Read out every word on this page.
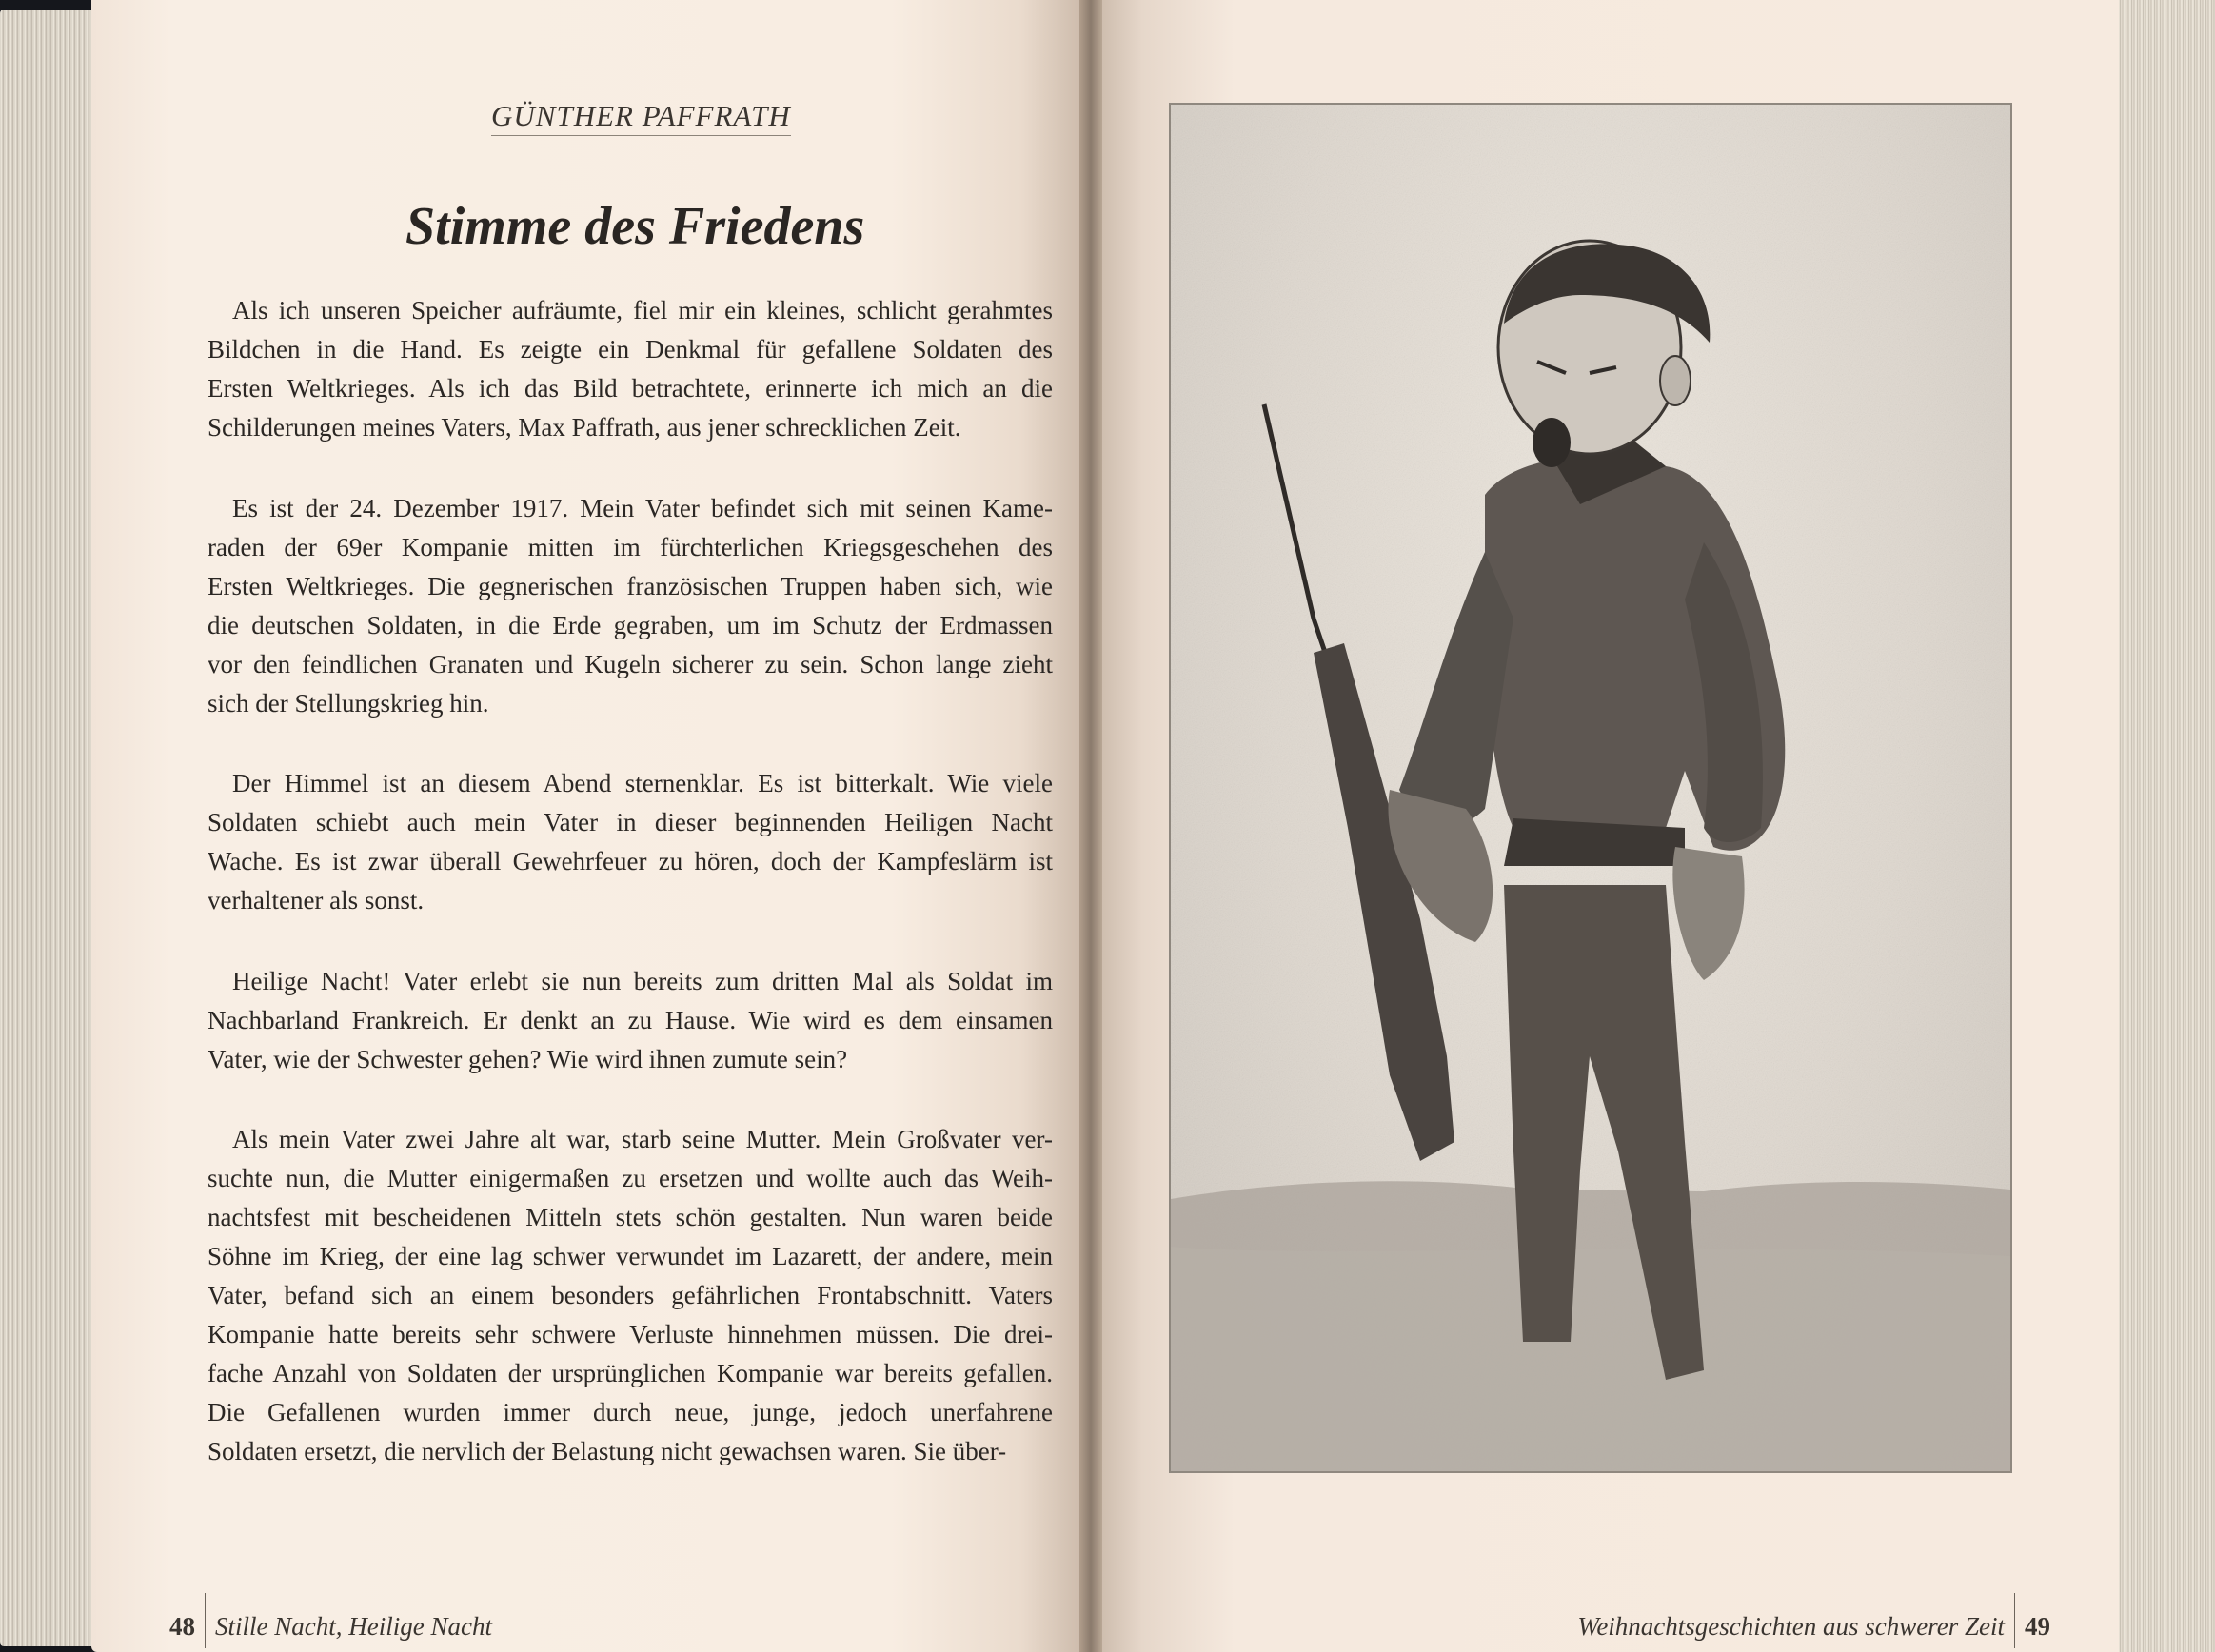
GÜNTHER PAFFRATH
Stimme des Friedens
Als ich unseren Speicher aufräumte, fiel mir ein kleines, schlicht gerahmtes
Bildchen in die Hand. Es zeigte ein Denkmal für gefallene Soldaten des
Ersten Weltkrieges. Als ich das Bild betrachtete, erinnerte ich mich an die
Schilderungen meines Vaters, Max Paffrath, aus jener schrecklichen Zeit.
Es ist der 24. Dezember 1917. Mein Vater befindet sich mit seinen Kame-
raden der 69er Kompanie mitten im fürchterlichen Kriegsgeschehen des
Ersten Weltkrieges. Die gegnerischen französischen Truppen haben sich, wie
die deutschen Soldaten, in die Erde gegraben, um im Schutz der Erdmassen
vor den feindlichen Granaten und Kugeln sicherer zu sein. Schon lange zieht
sich der Stellungskrieg hin.
Der Himmel ist an diesem Abend sternenklar. Es ist bitterkalt. Wie viele
Soldaten schiebt auch mein Vater in dieser beginnenden Heiligen Nacht
Wache. Es ist zwar überall Gewehrfeuer zu hören, doch der Kampfeslärm ist
verhaltener als sonst.
Heilige Nacht! Vater erlebt sie nun bereits zum dritten Mal als Soldat im
Nachbarland Frankreich. Er denkt an zu Hause. Wie wird es dem einsamen
Vater, wie der Schwester gehen? Wie wird ihnen zumute sein?
Als mein Vater zwei Jahre alt war, starb seine Mutter. Mein Großvater ver-
suchte nun, die Mutter einigermaßen zu ersetzen und wollte auch das Weih-
nachtsfest mit bescheidenen Mitteln stets schön gestalten. Nun waren beide
Söhne im Krieg, der eine lag schwer verwundet im Lazarett, der andere, mein
Vater, befand sich an einem besonders gefährlichen Frontabschnitt. Vaters
Kompanie hatte bereits sehr schwere Verluste hinnehmen müssen. Die drei-
fache Anzahl von Soldaten der ursprünglichen Kompanie war bereits gefallen.
Die Gefallenen wurden immer durch neue, junge, jedoch unerfahrene
Soldaten ersetzt, die nervlich der Belastung nicht gewachsen waren. Sie über-
48 Stille Nacht, Heilige Nacht	Weihnachtsgeschichten aus schwerer Zeit 49
